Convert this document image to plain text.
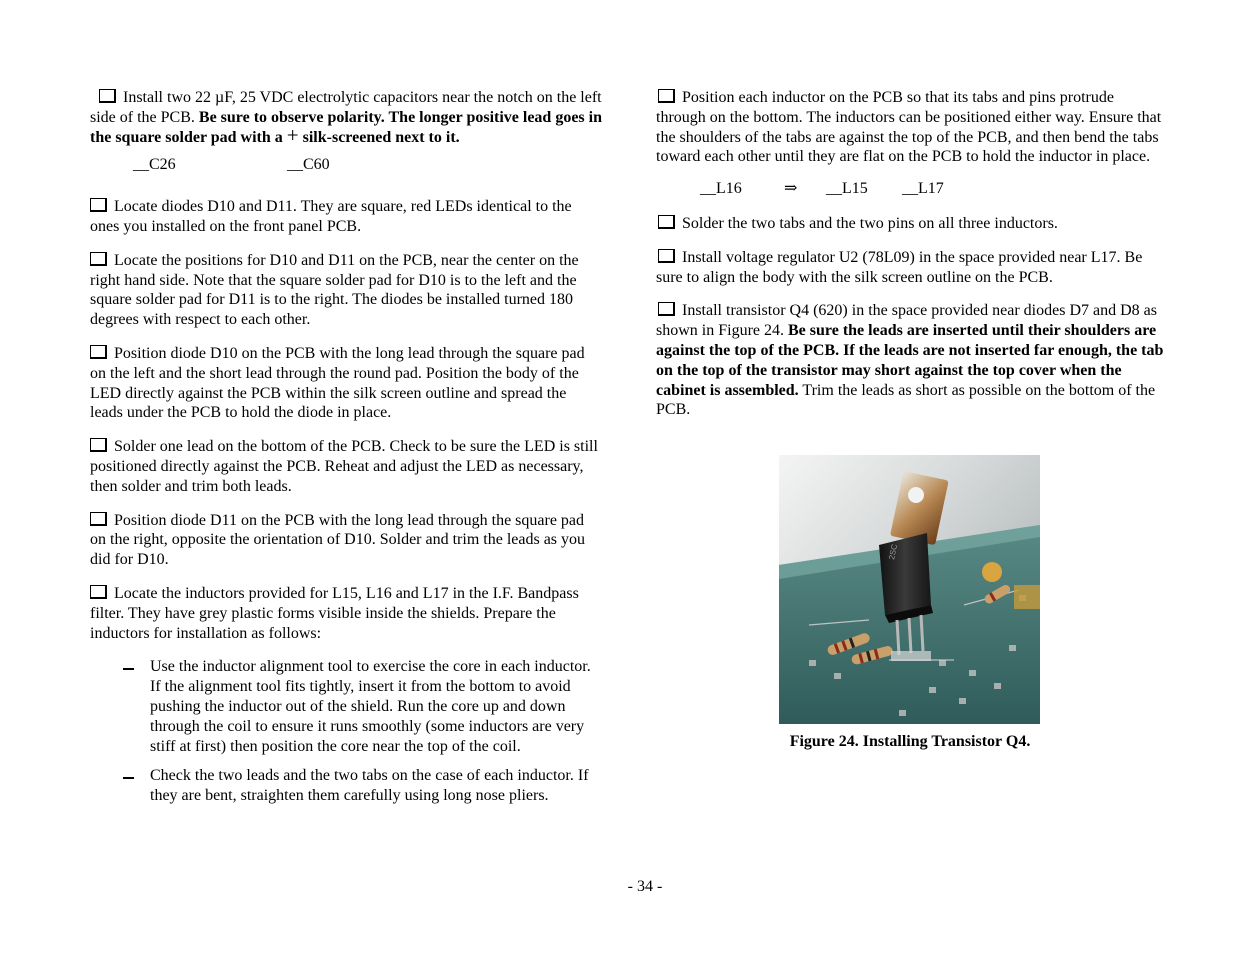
Install two 22 µF, 25 VDC electrolytic capacitors near the notch on the left side of the PCB. Be sure to observe polarity. The longer positive lead goes in the square solder pad with a + silk-screened next to it.
__C26	__C60
Locate diodes D10 and D11. They are square, red LEDs identical to the ones you installed on the front panel PCB.
Locate the positions for D10 and D11 on the PCB, near the center on the right hand side. Note that the square solder pad for D10 is to the left and the square solder pad for D11 is to the right. The diodes be installed turned 180 degrees with respect to each other.
Position diode D10 on the PCB with the long lead through the square pad on the left and the short lead through the round pad. Position the body of the LED directly against the PCB within the silk screen outline and spread the leads under the PCB to hold the diode in place.
Solder one lead on the bottom of the PCB. Check to be sure the LED is still positioned directly against the PCB. Reheat and adjust the LED as necessary, then solder and trim both leads.
Position diode D11 on the PCB with the long lead through the square pad on the right, opposite the orientation of D10. Solder and trim the leads as you did for D10.
Locate the inductors provided for L15, L16 and L17 in the I.F. Bandpass filter. They have grey plastic forms visible inside the shields. Prepare the inductors for installation as follows:
Use the inductor alignment tool to exercise the core in each inductor. If the alignment tool fits tightly, insert it from the bottom to avoid pushing the inductor out of the shield. Run the core up and down through the coil to ensure it runs smoothly (some inductors are very stiff at first) then position the core near the top of the coil.
Check the two leads and the two tabs on the case of each inductor. If they are bent, straighten them carefully using long nose pliers.
Position each inductor on the PCB so that its tabs and pins protrude through on the bottom. The inductors can be positioned either way. Ensure that the shoulders of the tabs are against the top of the PCB, and then bend the tabs toward each other until they are flat on the PCB to hold the inductor in place.
__L16	⇒ __L15 __L17
Solder the two tabs and the two pins on all three inductors.
Install voltage regulator U2 (78L09) in the space provided near L17. Be sure to align the body with the silk screen outline on the PCB.
Install transistor Q4 (620) in the space provided near diodes D7 and D8 as shown in Figure 24. Be sure the leads are inserted until their shoulders are against the top of the PCB. If the leads are not inserted far enough, the tab on the top of the transistor may short against the top cover when the cabinet is assembled. Trim the leads as short as possible on the bottom of the PCB.
2SC
Figure 24. Installing Transistor Q4.
- 34 -
